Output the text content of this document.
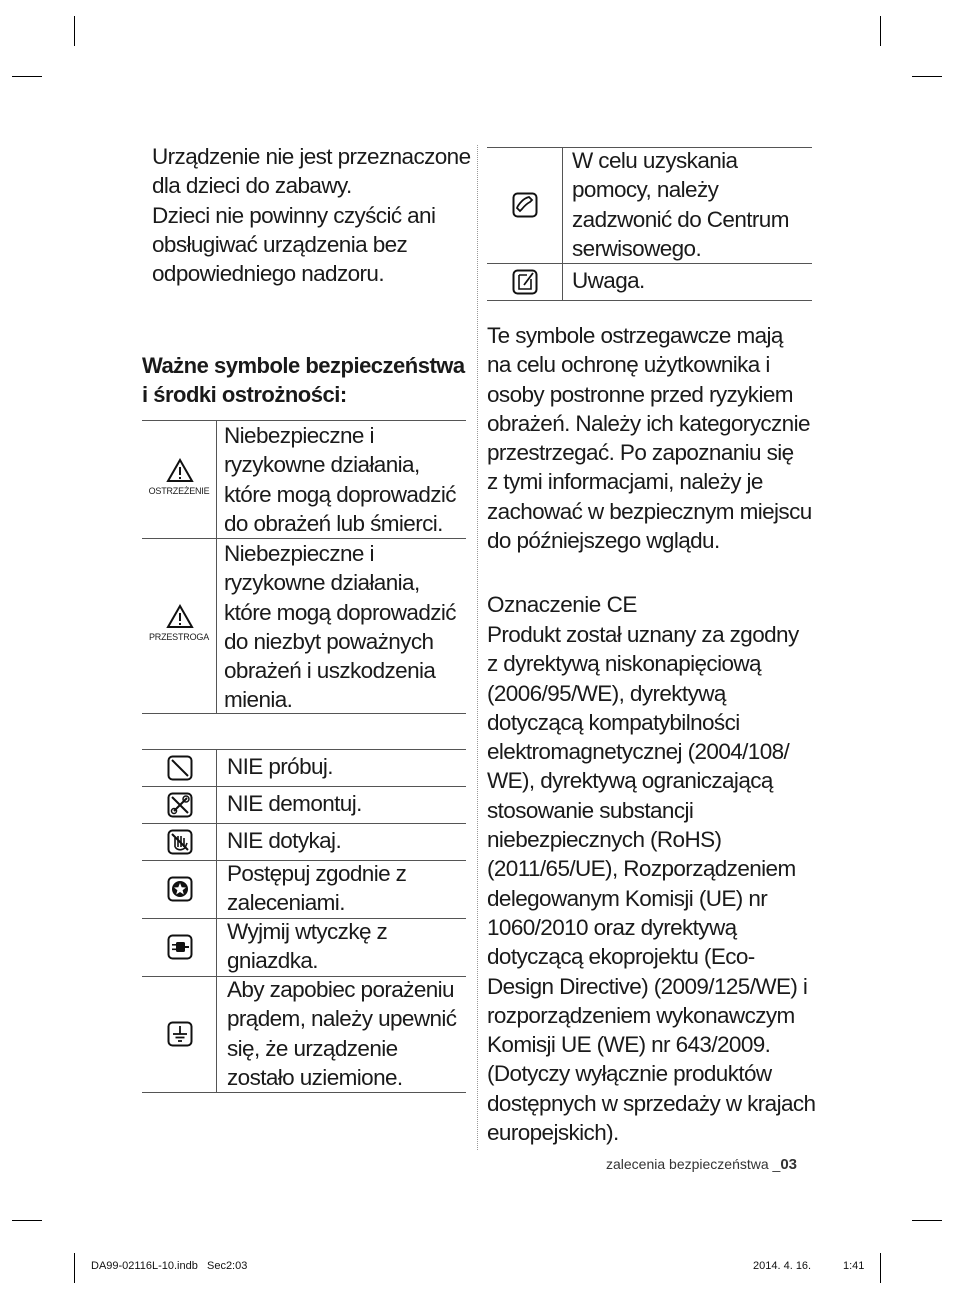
Urządzenie nie jest przeznaczone
dla dzieci do zabawy.
Dzieci nie powinny czyścić ani
obsługiwać urządzenia bez
odpowiedniego nadzoru.
Ważne symbole bezpieczeństwa
i środki ostrożności:
OSTRZEŻENIE
Niebezpieczne i
ryzykowne działania,
które mogą doprowadzić
do obrażeń lub śmierci.
PRZESTROGA
Niebezpieczne i
ryzykowne działania,
które mogą doprowadzić
do niezbyt poważnych
obrażeń i uszkodzenia
mienia.
NIE próbuj.
NIE demontuj.
NIE dotykaj.
Postępuj zgodnie z
zaleceniami.
Wyjmij wtyczkę z
gniazdka.
Aby zapobiec porażeniu
prądem, należy upewnić
się, że urządzenie
zostało uziemione.
W celu uzyskania
pomocy, należy
zadzwonić do Centrum
serwisowego.
Uwaga.
Te symbole ostrzegawcze mają
na celu ochronę użytkownika i
osoby postronne przed ryzykiem
obrażeń. Należy ich kategorycznie
przestrzegać. Po zapoznaniu się
z tymi informacjami, należy je
zachować w bezpiecznym miejscu
do późniejszego wglądu.
Oznaczenie CE
Produkt został uznany za zgodny
z dyrektywą niskonapięciową
(2006/95/WE), dyrektywą
dotyczącą kompatybilności
elektromagnetycznej (2004/108/
WE), dyrektywą ograniczającą
stosowanie substancji
niebezpiecznych (RoHS)
(2011/65/UE), Rozporządzeniem
delegowanym Komisji (UE) nr
1060/2010 oraz dyrektywą
dotyczącą ekoprojektu (Eco-
Design Directive) (2009/125/WE) i
rozporządzeniem wykonawczym
Komisji UE (WE) nr 643/2009.
(Dotyczy wyłącznie produktów
dostępnych w sprzedaży w krajach
europejskich).
zalecenia bezpieczeństwa _03
DA99-02116L-10.indb   Sec2:03	2014. 4. 16.	1:41
